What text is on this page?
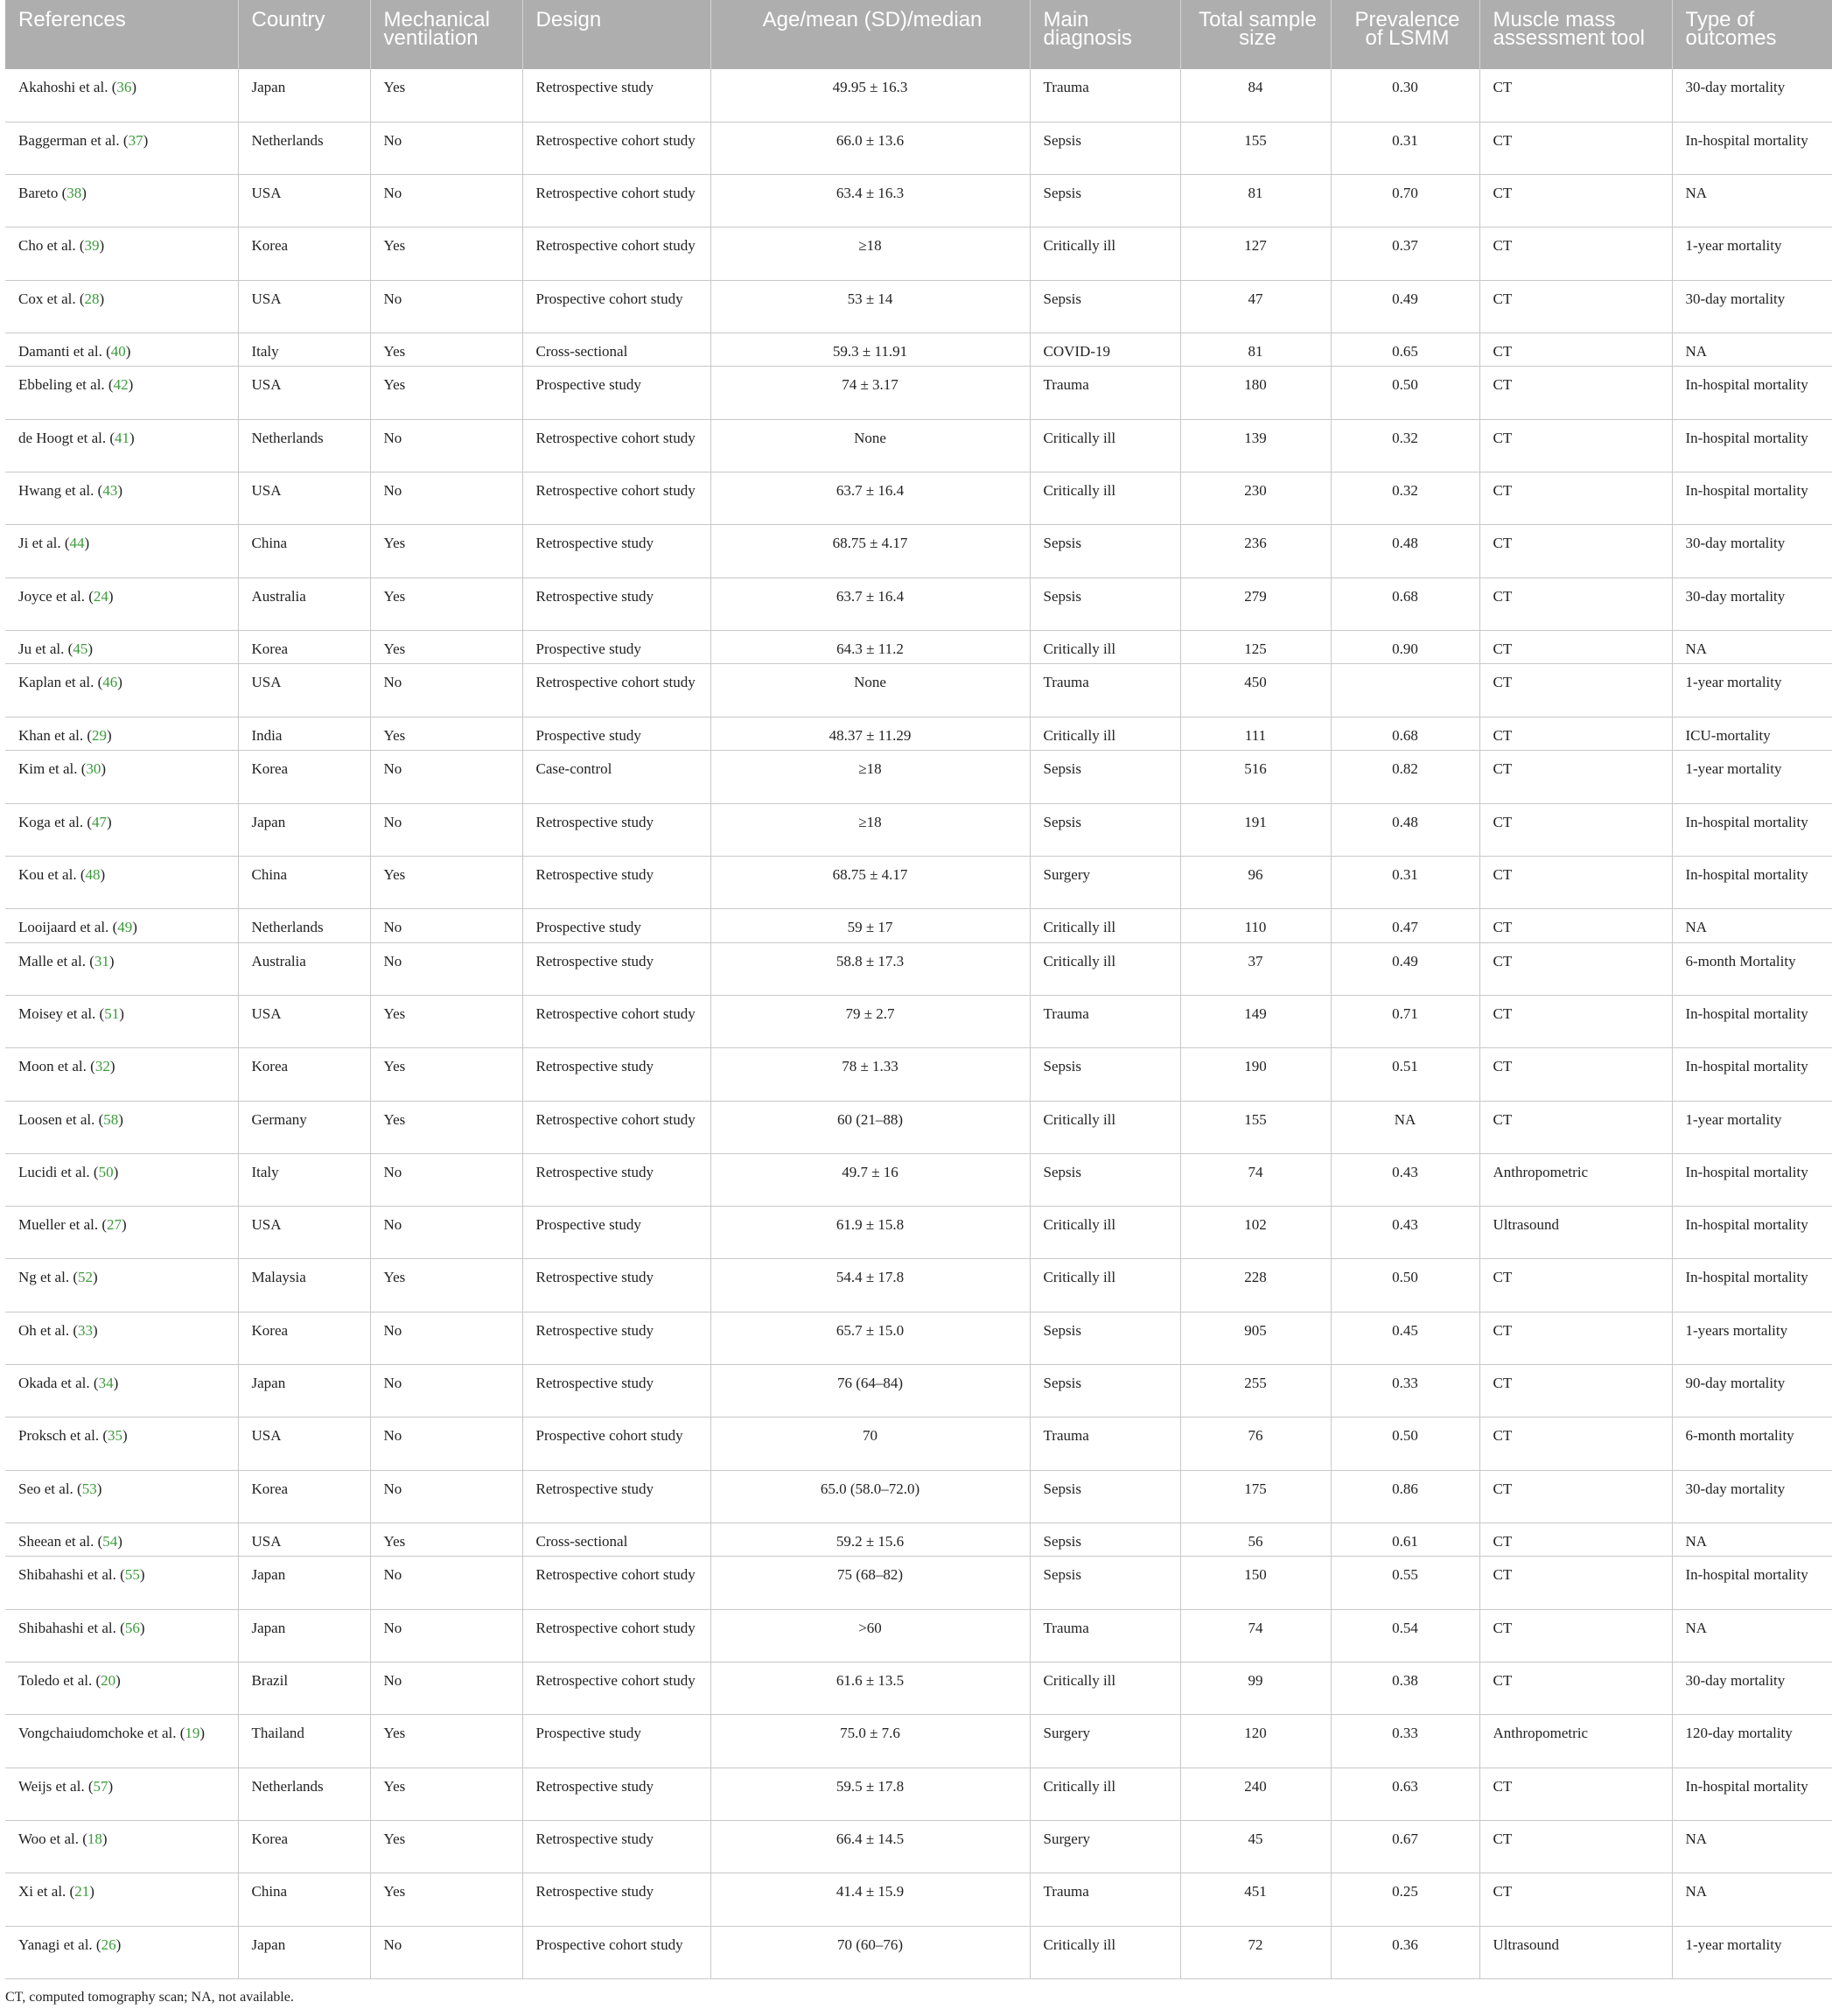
References	Country	Mechanical ventilation	Design	Age/mean (SD)/median	Main diagnosis	Total sample size	Prevalence of LSMM	Muscle mass assessment tool	Type of outcomes
Akahoshi et al. (36)	Japan	Yes	Retrospective study	49.95 ± 16.3	Trauma	84	0.30	CT	30-day mortality
Baggerman et al. (37)	Netherlands	No	Retrospective cohort study	66.0 ± 13.6	Sepsis	155	0.31	CT	In-hospital mortality
Bareto (38)	USA	No	Retrospective cohort study	63.4 ± 16.3	Sepsis	81	0.70	CT	NA
Cho et al. (39)	Korea	Yes	Retrospective cohort study	≥18	Critically ill	127	0.37	CT	1-year mortality
Cox et al. (28)	USA	No	Prospective cohort study	53 ± 14	Sepsis	47	0.49	CT	30-day mortality
Damanti et al. (40)	Italy	Yes	Cross-sectional	59.3 ± 11.91	COVID-19	81	0.65	CT	NA
Ebbeling et al. (42)	USA	Yes	Prospective study	74 ± 3.17	Trauma	180	0.50	CT	In-hospital mortality
de Hoogt et al. (41)	Netherlands	No	Retrospective cohort study	None	Critically ill	139	0.32	CT	In-hospital mortality
Hwang et al. (43)	USA	No	Retrospective cohort study	63.7 ± 16.4	Critically ill	230	0.32	CT	In-hospital mortality
Ji et al. (44)	China	Yes	Retrospective study	68.75 ± 4.17	Sepsis	236	0.48	CT	30-day mortality
Joyce et al. (24)	Australia	Yes	Retrospective study	63.7 ± 16.4	Sepsis	279	0.68	CT	30-day mortality
Ju et al. (45)	Korea	Yes	Prospective study	64.3 ± 11.2	Critically ill	125	0.90	CT	NA
Kaplan et al. (46)	USA	No	Retrospective cohort study	None	Trauma	450		CT	1-year mortality
Khan et al. (29)	India	Yes	Prospective study	48.37 ± 11.29	Critically ill	111	0.68	CT	ICU-mortality
Kim et al. (30)	Korea	No	Case-control	≥18	Sepsis	516	0.82	CT	1-year mortality
Koga et al. (47)	Japan	No	Retrospective study	≥18	Sepsis	191	0.48	CT	In-hospital mortality
Kou et al. (48)	China	Yes	Retrospective study	68.75 ± 4.17	Surgery	96	0.31	CT	In-hospital mortality
Looijaard et al. (49)	Netherlands	No	Prospective study	59 ± 17	Critically ill	110	0.47	CT	NA
Malle et al. (31)	Australia	No	Retrospective study	58.8 ± 17.3	Critically ill	37	0.49	CT	6-month Mortality
Moisey et al. (51)	USA	Yes	Retrospective cohort study	79 ± 2.7	Trauma	149	0.71	CT	In-hospital mortality
Moon et al. (32)	Korea	Yes	Retrospective study	78 ± 1.33	Sepsis	190	0.51	CT	In-hospital mortality
Loosen et al. (58)	Germany	Yes	Retrospective cohort study	60 (21–88)	Critically ill	155	NA	CT	1-year mortality
Lucidi et al. (50)	Italy	No	Retrospective study	49.7 ± 16	Sepsis	74	0.43	Anthropometric	In-hospital mortality
Mueller et al. (27)	USA	No	Prospective study	61.9 ± 15.8	Critically ill	102	0.43	Ultrasound	In-hospital mortality
Ng et al. (52)	Malaysia	Yes	Retrospective study	54.4 ± 17.8	Critically ill	228	0.50	CT	In-hospital mortality
Oh et al. (33)	Korea	No	Retrospective study	65.7 ± 15.0	Sepsis	905	0.45	CT	1-years mortality
Okada et al. (34)	Japan	No	Retrospective study	76 (64–84)	Sepsis	255	0.33	CT	90-day mortality
Proksch et al. (35)	USA	No	Prospective cohort study	70	Trauma	76	0.50	CT	6-month mortality
Seo et al. (53)	Korea	No	Retrospective study	65.0 (58.0–72.0)	Sepsis	175	0.86	CT	30-day mortality
Sheean et al. (54)	USA	Yes	Cross-sectional	59.2 ± 15.6	Sepsis	56	0.61	CT	NA
Shibahashi et al. (55)	Japan	No	Retrospective cohort study	75 (68–82)	Sepsis	150	0.55	CT	In-hospital mortality
Shibahashi et al. (56)	Japan	No	Retrospective cohort study	>60	Trauma	74	0.54	CT	NA
Toledo et al. (20)	Brazil	No	Retrospective cohort study	61.6 ± 13.5	Critically ill	99	0.38	CT	30-day mortality
Vongchaiudomchoke et al. (19)	Thailand	Yes	Prospective study	75.0 ± 7.6	Surgery	120	0.33	Anthropometric	120-day mortality
Weijs et al. (57)	Netherlands	Yes	Retrospective study	59.5 ± 17.8	Critically ill	240	0.63	CT	In-hospital mortality
Woo et al. (18)	Korea	Yes	Retrospective study	66.4 ± 14.5	Surgery	45	0.67	CT	NA
Xi et al. (21)	China	Yes	Retrospective study	41.4 ± 15.9	Trauma	451	0.25	CT	NA
Yanagi et al. (26)	Japan	No	Prospective cohort study	70 (60–76)	Critically ill	72	0.36	Ultrasound	1-year mortality
CT, computed tomography scan; NA, not available.
